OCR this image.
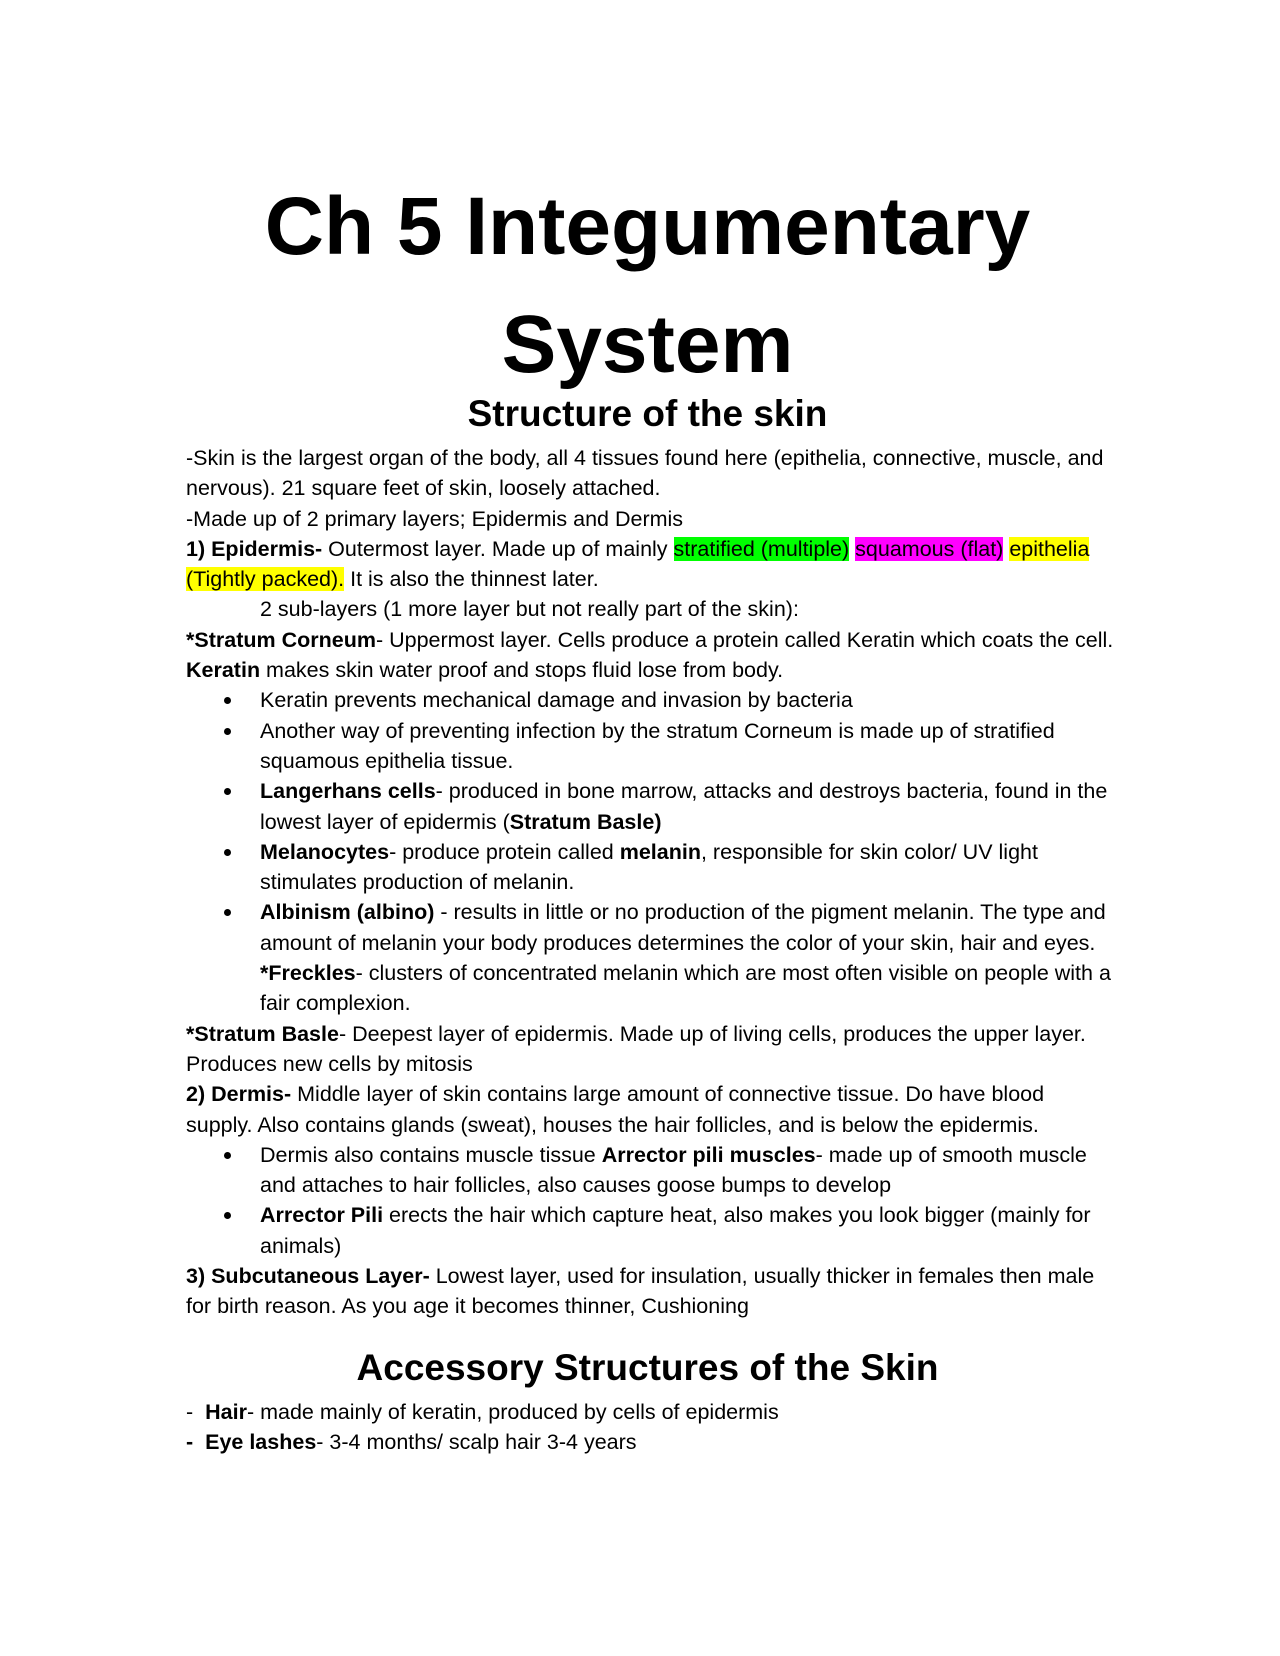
Ch 5 Integumentary System
Structure of the skin

-Skin is the largest organ of the body, all 4 tissues found here (epithelia, connective, muscle, and nervous). 21 square feet of skin, loosely attached.

-Made up of 2 primary layers; Epidermis and Dermis

1) Epidermis- Outermost layer. Made up of mainly stratified (multiple) squamous (flat) epithelia (Tightly packed). It is also the thinnest later.

2 sub-layers (1 more layer but not really part of the skin):

*Stratum Corneum- Uppermost layer. Cells produce a protein called Keratin which coats the cell. Keratin makes skin water proof and stops fluid lose from body.

Keratin prevents mechanical damage and invasion by bacteria
Another way of preventing infection by the stratum Corneum is made up of stratified squamous epithelia tissue.
Langerhans cells- produced in bone marrow, attacks and destroys bacteria, found in the lowest layer of epidermis (Stratum Basle)
Melanocytes- produce protein called melanin, responsible for skin color/ UV light stimulates production of melanin.
Albinism (albino) - results in little or no production of the pigment melanin. The type and amount of melanin your body produces determines the color of your skin, hair and eyes.

*Freckles- clusters of concentrated melanin which are most often visible on people with a fair complexion.

*Stratum Basle- Deepest layer of epidermis. Made up of living cells, produces the upper layer. Produces new cells by mitosis

2) Dermis- Middle layer of skin contains large amount of connective tissue. Do have blood supply. Also contains glands (sweat), houses the hair follicles, and is below the epidermis.

Dermis also contains muscle tissue Arrector pili muscles- made up of smooth muscle and attaches to hair follicles, also causes goose bumps to develop
Arrector Pili erects the hair which capture heat, also makes you look bigger (mainly for animals)

3) Subcutaneous Layer- Lowest layer, used for insulation, usually thicker in females then male for birth reason. As you age it becomes thinner, Cushioning

Accessory Structures of the Skin

-  Hair- made mainly of keratin, produced by cells of epidermis

-  Eye lashes- 3-4 months/ scalp hair 3-4 years
